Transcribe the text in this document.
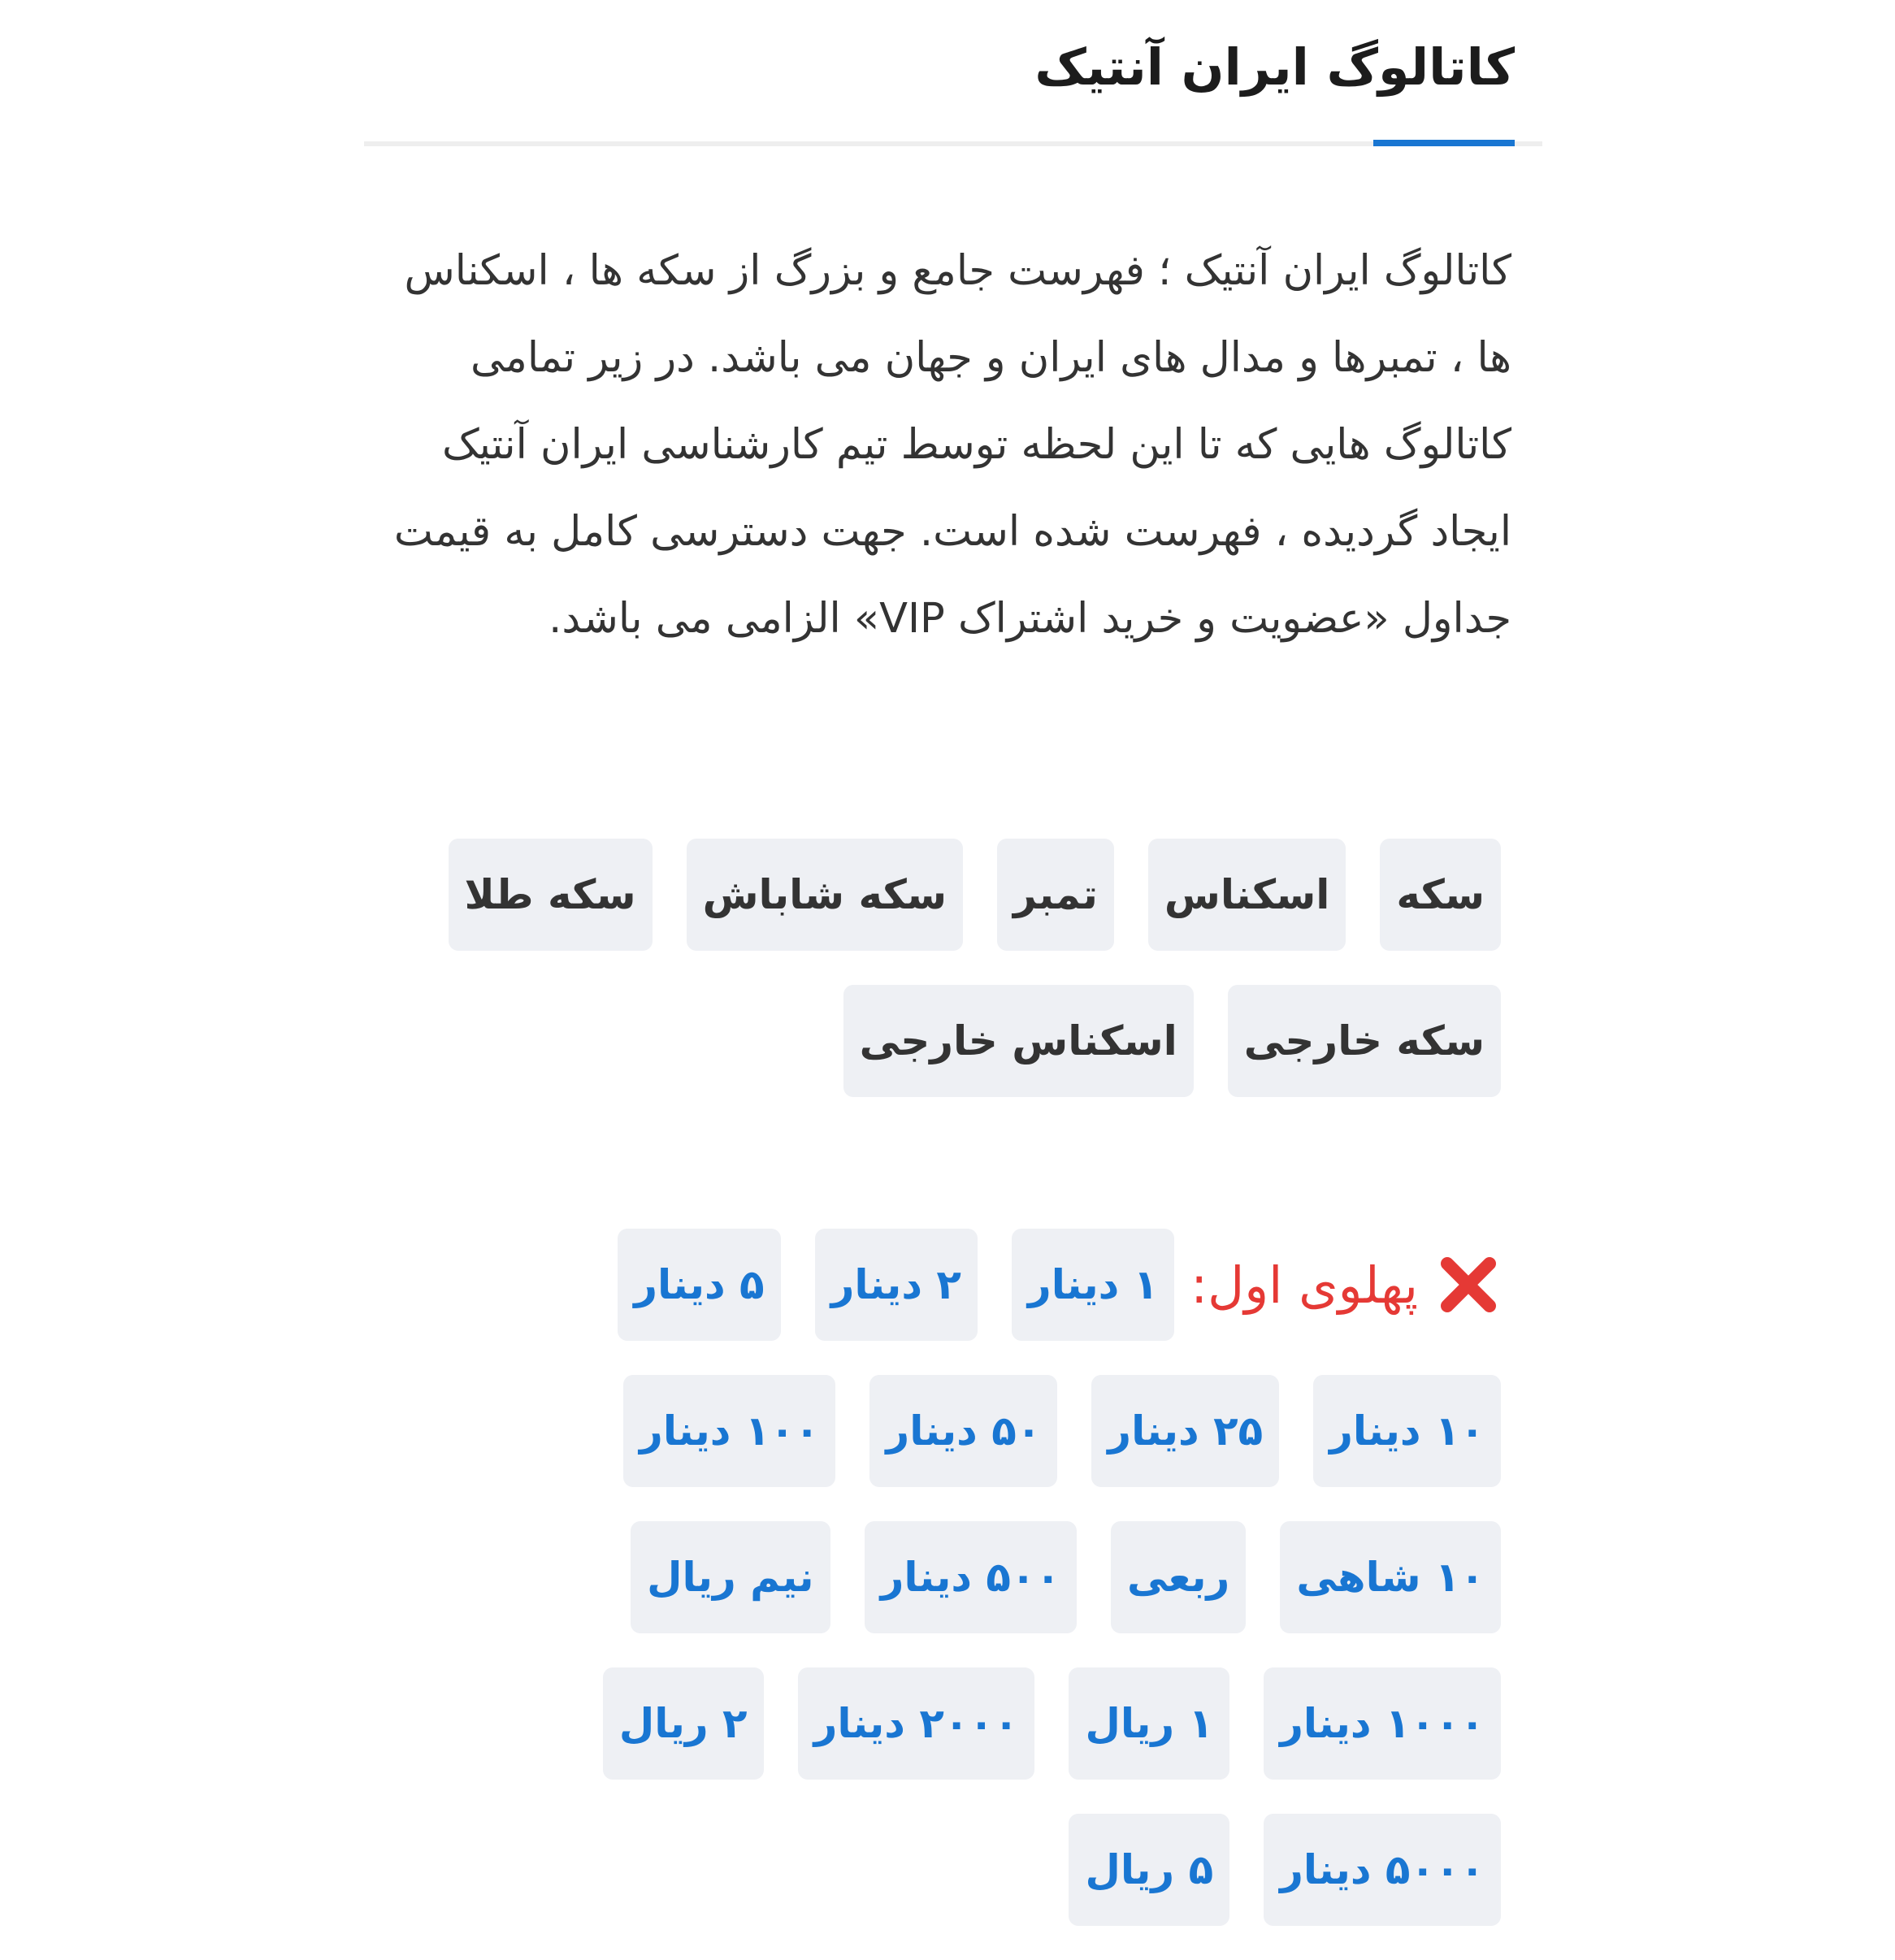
کاتالوگ ایران آنتیک

کاتالوگ ایران آنتیک ؛ فهرست جامع و بزرگ از سکه ها ، اسکناس ها ، تمبرها و مدال های ایران و جهان می باشد. در زیر تمامی کاتالوگ هایی که تا این لحظه توسط تیم کارشناسی ایران آنتیک ایجاد گردیده ، فهرست شده است. جهت دسترسی کامل به قیمت جداول «عضویت و خرید اشتراک VIP» الزامی می باشد.

سکه
اسکناس
تمبر
سکه شاباش
سکه طلا
سکه خارجی
اسکناس خارجی
پهلوی اول:
۱ دینار
۲ دینار
۵ دینار
۱۰ دینار
۲۵ دینار
۵۰ دینار
۱۰۰ دینار
۱۰ شاهی
ربعی
۵۰۰ دینار
نیم ریال
۱۰۰۰ دینار
۱ ریال
۲۰۰۰ دینار
۲ ریال
۵۰۰۰ دینار
۵ ریال
